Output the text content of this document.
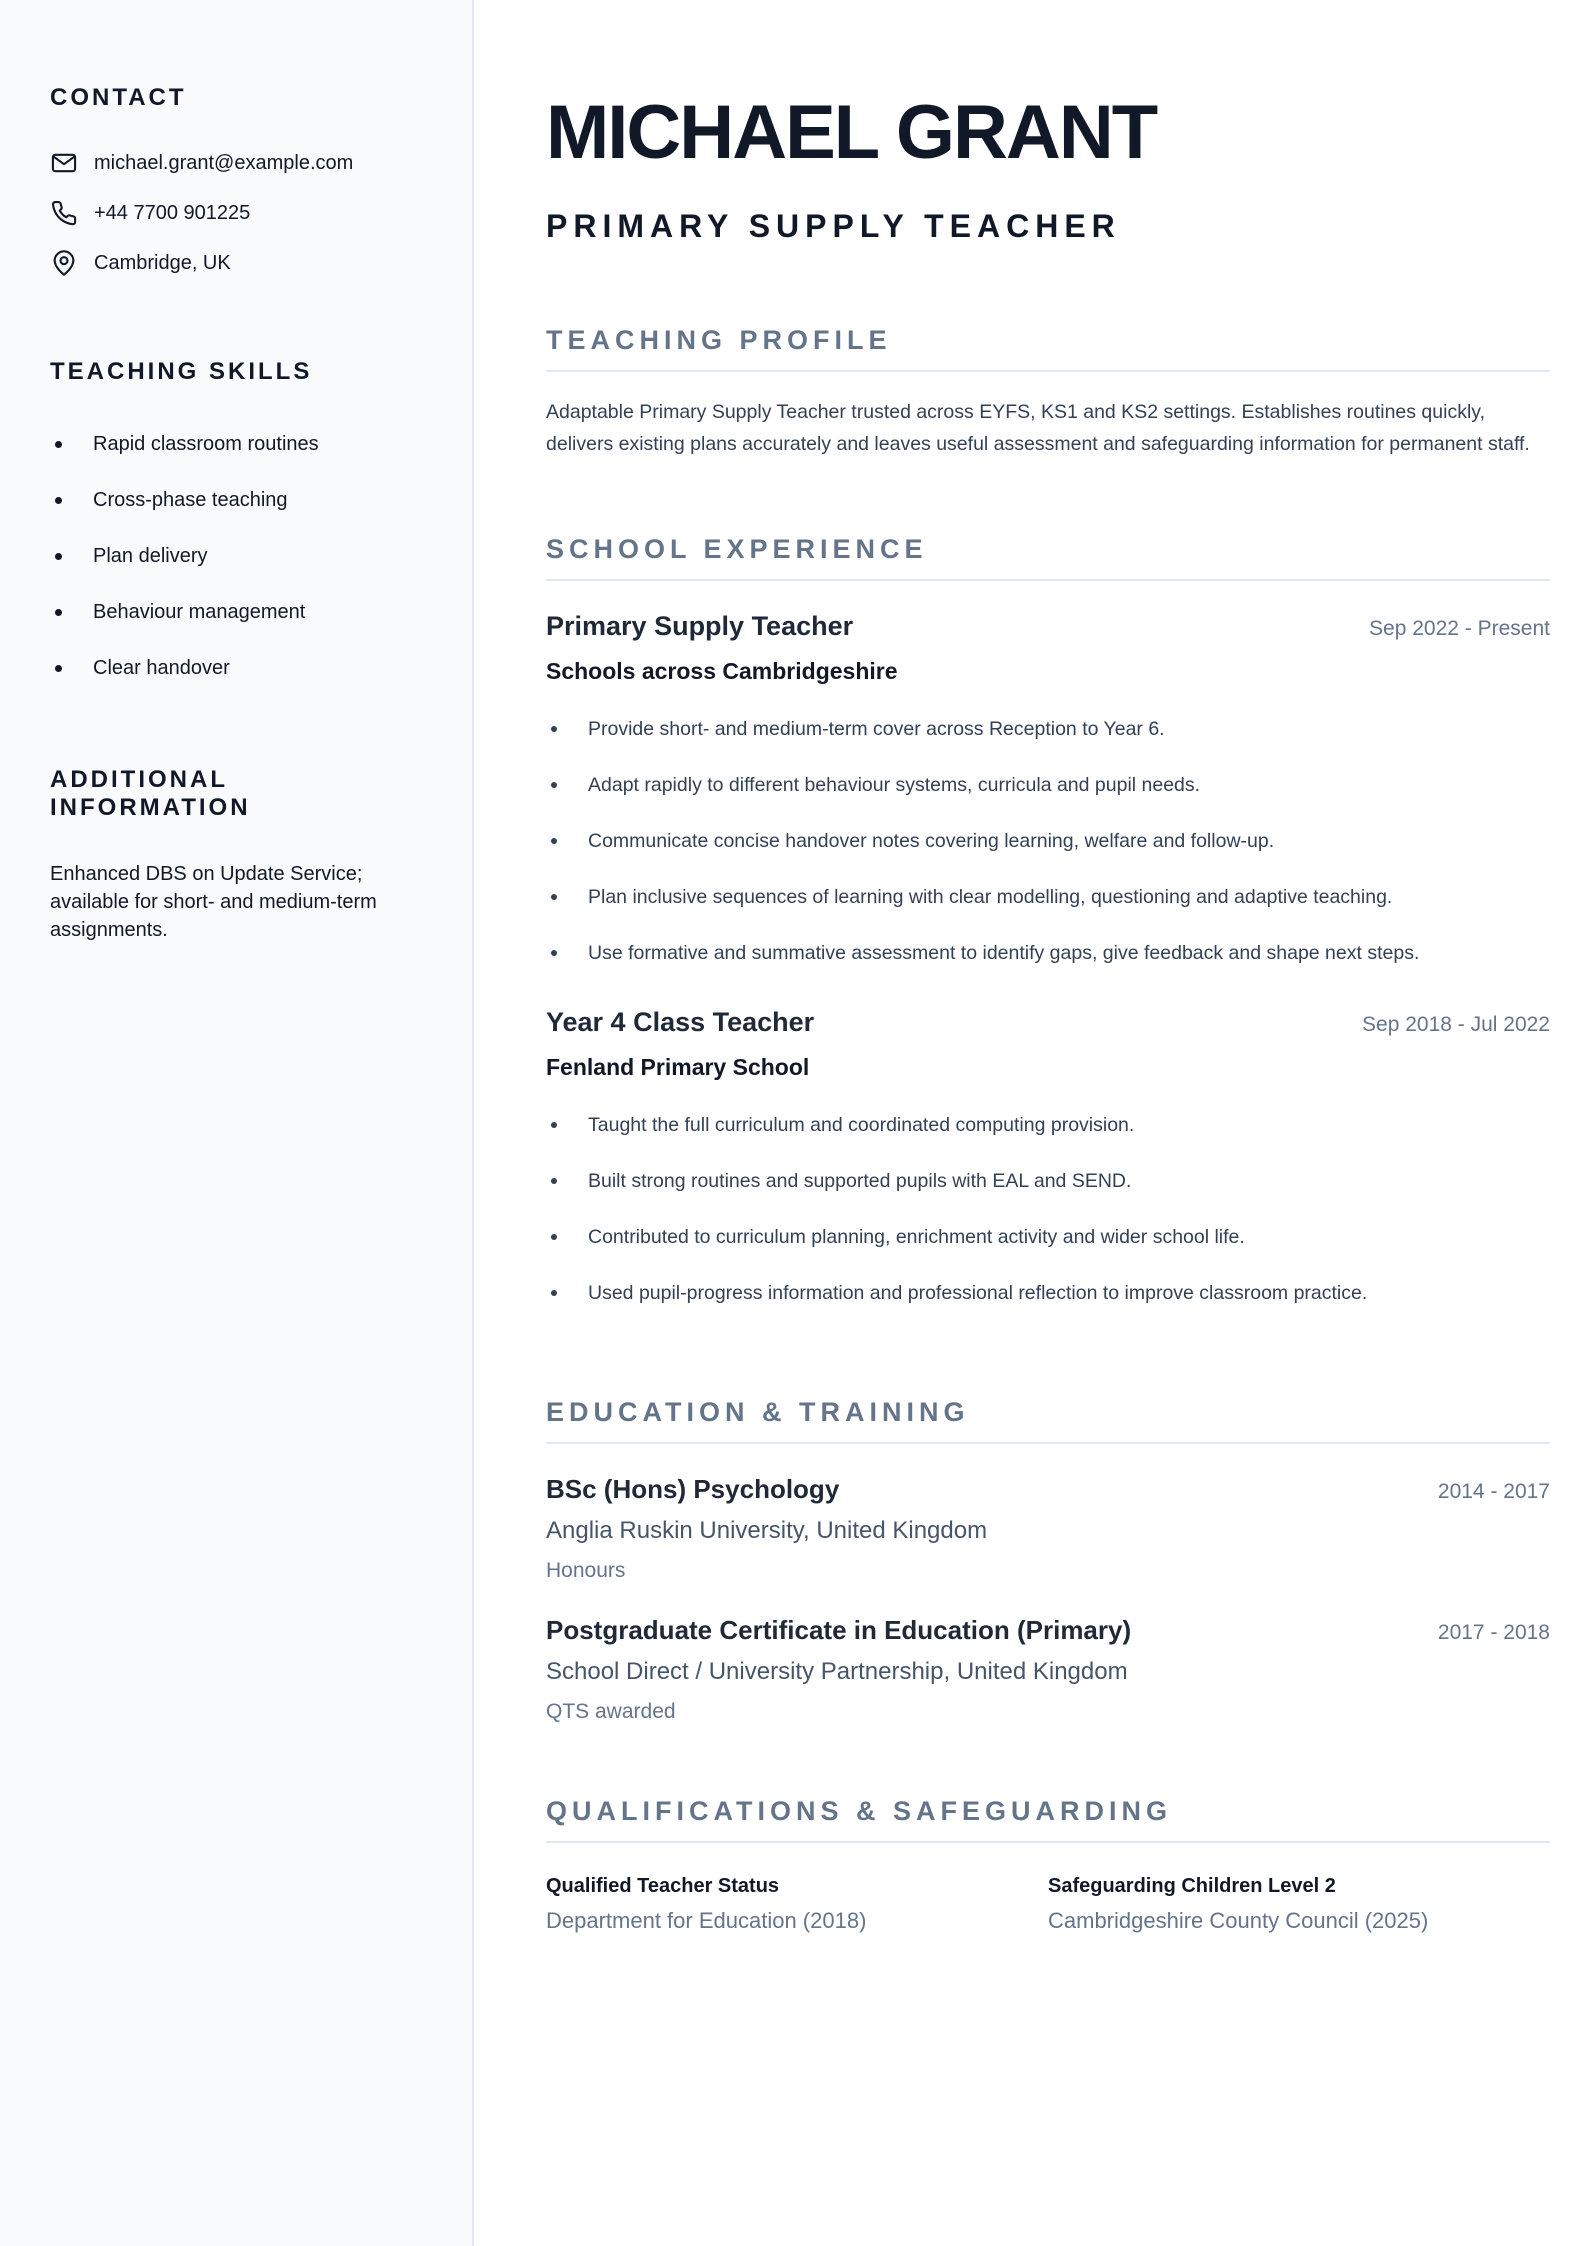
CONTACT
michael.grant@example.com
+44 7700 901225
Cambridge, UK
TEACHING SKILLS
Rapid classroom routines
Cross-phase teaching
Plan delivery
Behaviour management
Clear handover
ADDITIONAL INFORMATION

Enhanced DBS on Update Service; available for short- and medium-term assignments.

MICHAEL GRANT
PRIMARY SUPPLY TEACHER
TEACHING PROFILE

Adaptable Primary Supply Teacher trusted across EYFS, KS1 and KS2 settings. Establishes routines quickly, delivers existing plans accurately and leaves useful assessment and safeguarding information for permanent staff.

SCHOOL EXPERIENCE
Primary Supply Teacher	Sep 2022 - Present
Schools across Cambridgeshire
Provide short- and medium-term cover across Reception to Year 6.
Adapt rapidly to different behaviour systems, curricula and pupil needs.
Communicate concise handover notes covering learning, welfare and follow-up.
Plan inclusive sequences of learning with clear modelling, questioning and adaptive teaching.
Use formative and summative assessment to identify gaps, give feedback and shape next steps.
Year 4 Class Teacher	Sep 2018 - Jul 2022
Fenland Primary School
Taught the full curriculum and coordinated computing provision.
Built strong routines and supported pupils with EAL and SEND.
Contributed to curriculum planning, enrichment activity and wider school life.
Used pupil-progress information and professional reflection to improve classroom practice.
EDUCATION & TRAINING
BSc (Hons) Psychology	2014 - 2017
Anglia Ruskin University, United Kingdom
Honours
Postgraduate Certificate in Education (Primary)	2017 - 2018
School Direct / University Partnership, United Kingdom
QTS awarded
QUALIFICATIONS & SAFEGUARDING
Qualified Teacher Status
Department for Education (2018)
Safeguarding Children Level 2
Cambridgeshire County Council (2025)
